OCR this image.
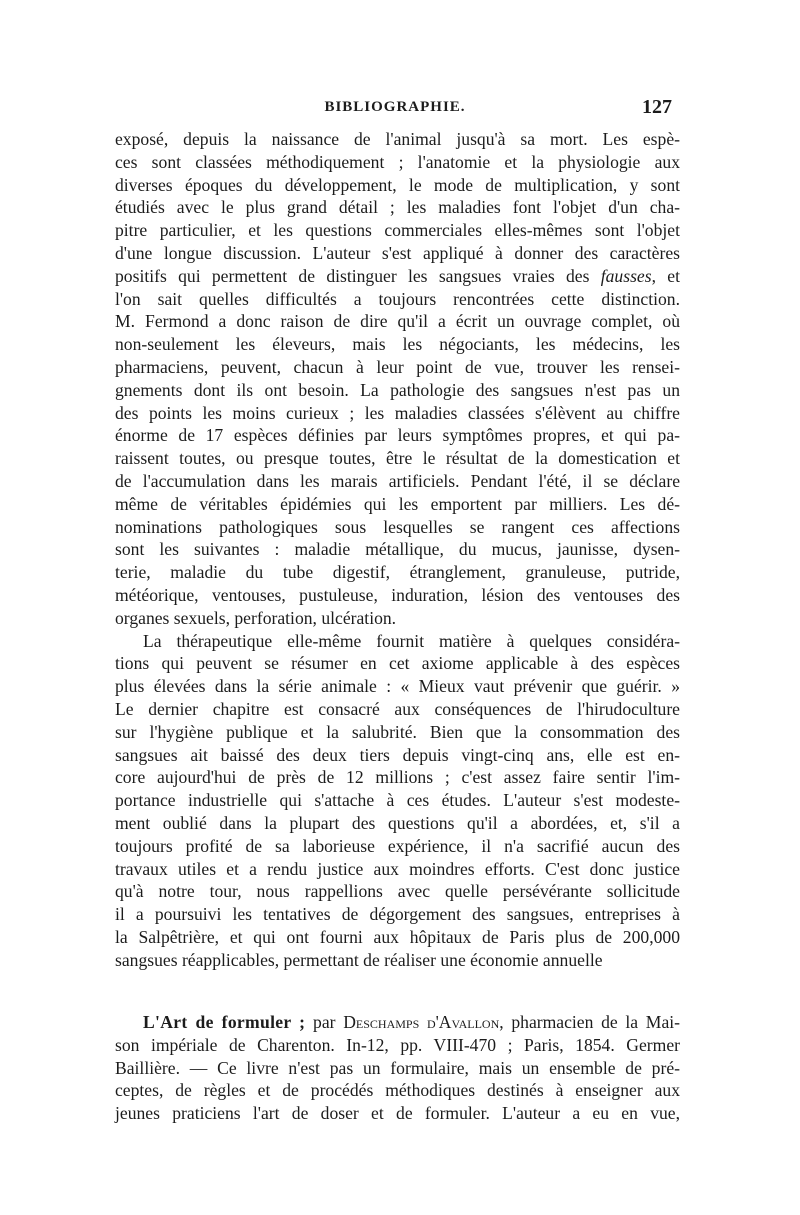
BIBLIOGRAPHIE.	127
exposé, depuis la naissance de l'animal jusqu'à sa mort. Les espè-
ces sont classées méthodiquement ; l'anatomie et la physiologie aux
diverses époques du développement, le mode de multiplication, y sont
étudiés avec le plus grand détail ; les maladies font l'objet d'un cha-
pitre particulier, et les questions commerciales elles-mêmes sont l'objet
d'une longue discussion. L'auteur s'est appliqué à donner des caractères
positifs qui permettent de distinguer les sangsues vraies des fausses, et
l'on sait quelles difficultés a toujours rencontrées cette distinction.
M. Fermond a donc raison de dire qu'il a écrit un ouvrage complet, où
non-seulement les éleveurs, mais les négociants, les médecins, les
pharmaciens, peuvent, chacun à leur point de vue, trouver les rensei-
gnements dont ils ont besoin. La pathologie des sangsues n'est pas un
des points les moins curieux ; les maladies classées s'élèvent au chiffre
énorme de 17 espèces définies par leurs symptômes propres, et qui pa-
raissent toutes, ou presque toutes, être le résultat de la domestication et
de l'accumulation dans les marais artificiels. Pendant l'été, il se déclare
même de véritables épidémies qui les emportent par milliers. Les dé-
nominations pathologiques sous lesquelles se rangent ces affections
sont les suivantes : maladie métallique, du mucus, jaunisse, dysen-
terie, maladie du tube digestif, étranglement, granuleuse, putride,
météorique, ventouses, pustuleuse, induration, lésion des ventouses des
organes sexuels, perforation, ulcération.
La thérapeutique elle-même fournit matière à quelques considéra-
tions qui peuvent se résumer en cet axiome applicable à des espèces
plus élevées dans la série animale : « Mieux vaut prévenir que guérir. »
Le dernier chapitre est consacré aux conséquences de l'hirudoculture
sur l'hygiène publique et la salubrité. Bien que la consommation des
sangsues ait baissé des deux tiers depuis vingt-cinq ans, elle est en-
core aujourd'hui de près de 12 millions ; c'est assez faire sentir l'im-
portance industrielle qui s'attache à ces études. L'auteur s'est modeste-
ment oublié dans la plupart des questions qu'il a abordées, et, s'il a
toujours profité de sa laborieuse expérience, il n'a sacrifié aucun des
travaux utiles et a rendu justice aux moindres efforts. C'est donc justice
qu'à notre tour, nous rappellions avec quelle persévérante sollicitude
il a poursuivi les tentatives de dégorgement des sangsues, entreprises à
la Salpêtrière, et qui ont fourni aux hôpitaux de Paris plus de 200,000
sangsues réapplicables, permettant de réaliser une économie annuelle
L'Art de formuler ; par Deschamps d'Avallon, pharmacien de la Mai-
son impériale de Charenton. In-12, pp. VIII-470 ; Paris, 1854. Germer
Baillière. — Ce livre n'est pas un formulaire, mais un ensemble de pré-
ceptes, de règles et de procédés méthodiques destinés à enseigner aux
jeunes praticiens l'art de doser et de formuler. L'auteur a eu en vue,
